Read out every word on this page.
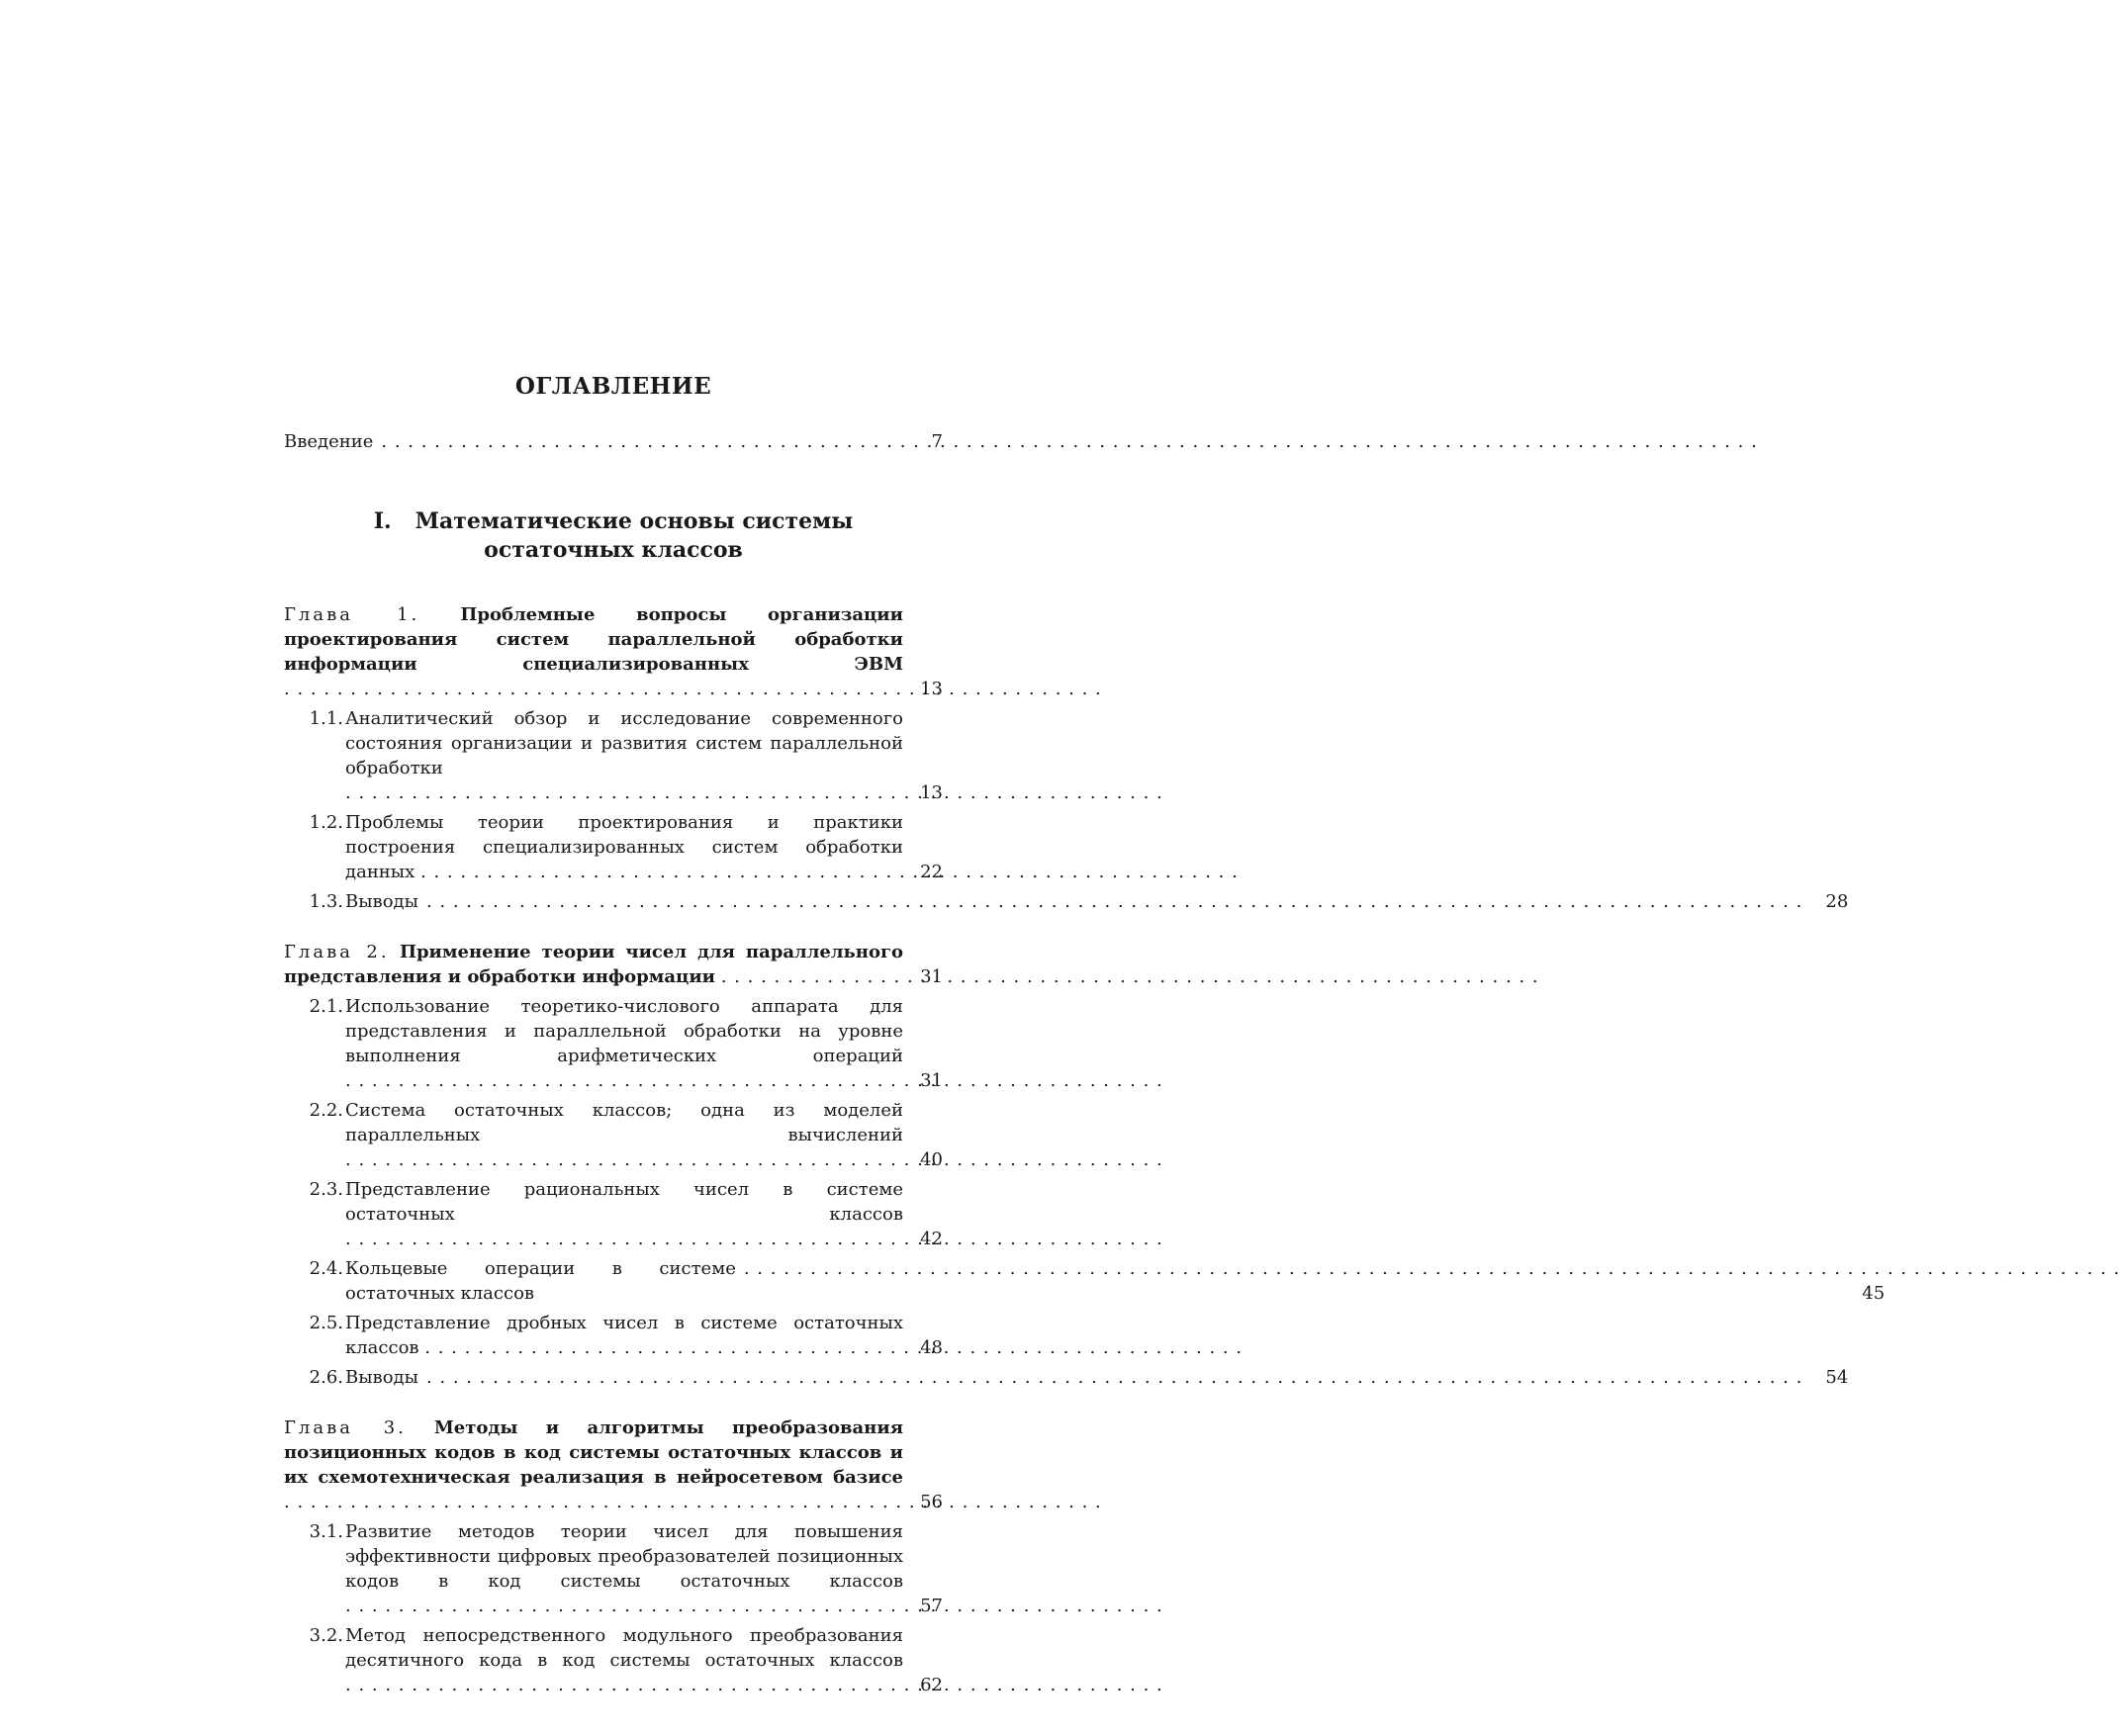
ОГЛАВЛЕНИЕ
Введение . . .	7
I. Математические основы системы
остаточных классов
Глава 1. Проблемные вопросы организации проектирования систем параллельной обработки информации специализированных ЭВМ . . .
13
1.1. Аналитический обзор и исследование современного состояния организации и развития систем параллельной обработки . . .
13
1.2. Проблемы теории проектирования и практики построения специализированных систем обработки данных . . .	22
1.3. Выводы . . .	28
Глава 2. Применение теории чисел для параллельного представления и обработки информации . . .	31
2.1. Использование теоретико-числового аппарата для представления и параллельной обработки на уровне выполнения арифметических операций . . .
31
2.2. Система остаточных классов; одна из моделей параллельных вычислений . . .
40
2.3. Представление рациональных чисел в системе остаточных классов . . .
42
2.4. Кольцевые операции в системе остаточных классов
. . .	45
2.5. Представление дробных чисел в системе остаточных классов . . .	48
2.6. Выводы . . .	54
Глава 3. Методы и алгоритмы преобразования позиционных кодов в код системы остаточных классов и их схемотехническая реализация в нейросетевом базисе . . .
56
3.1. Развитие методов теории чисел для повышения эффективности цифровых преобразователей позиционных кодов в код системы остаточных классов . . .
57
3.2. Метод непосредственного модульного преобразования десятичного кода в код системы остаточных классов . . .
62
